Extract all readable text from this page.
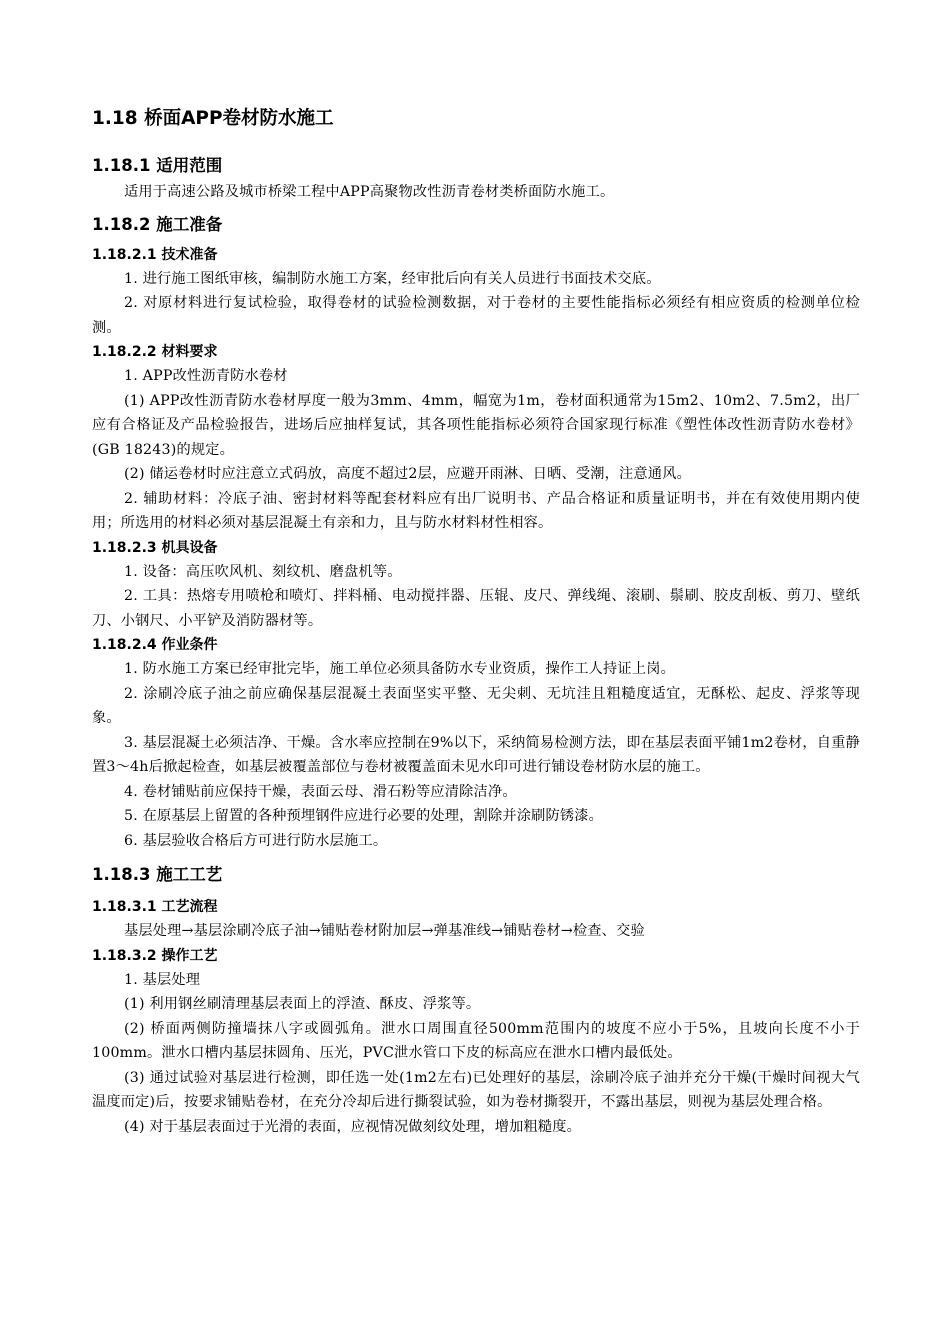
1.18 桥面APP卷材防水施工
1.18.1 适用范围
适用于高速公路及城市桥梁工程中APP高聚物改性沥青卷材类桥面防水施工。
1.18.2 施工准备
1.18.2.1 技术准备
1. 进行施工图纸审核，编制防水施工方案，经审批后向有关人员进行书面技术交底。
2. 对原材料进行复试检验，取得卷材的试验检测数据，对于卷材的主要性能指标必须经有相应资质的检测单位检测。
1.18.2.2 材料要求
1. APP改性沥青防水卷材
(1) APP改性沥青防水卷材厚度一般为3mm、4mm，幅宽为1m，卷材面积通常为15m2、10m2、7.5m2，出厂应有合格证及产品检验报告，进场后应抽样复试，其各项性能指标必须符合国家现行标准《塑性体改性沥青防水卷材》(GB 18243)的规定。
(2) 储运卷材时应注意立式码放，高度不超过2层，应避开雨淋、日晒、受潮，注意通风。
2. 辅助材料：冷底子油、密封材料等配套材料应有出厂说明书、产品合格证和质量证明书，并在有效使用期内使用；所选用的材料必须对基层混凝土有亲和力，且与防水材料材性相容。
1.18.2.3 机具设备
1. 设备：高压吹风机、刻纹机、磨盘机等。
2. 工具：热熔专用喷枪和喷灯、拌料桶、电动搅拌器、压辊、皮尺、弹线绳、滚刷、鬃刷、胶皮刮板、剪刀、壁纸刀、小钢尺、小平铲及消防器材等。
1.18.2.4 作业条件
1. 防水施工方案已经审批完毕，施工单位必须具备防水专业资质，操作工人持证上岗。
2. 涂刷冷底子油之前应确保基层混凝土表面坚实平整、无尖刺、无坑洼且粗糙度适宜，无酥松、起皮、浮浆等现象。
3. 基层混凝土必须洁净、干燥。含水率应控制在9%以下，采纳简易检测方法，即在基层表面平铺1m2卷材，自重静置3～4h后掀起检查，如基层被覆盖部位与卷材被覆盖面未见水印可进行铺设卷材防水层的施工。
4. 卷材铺贴前应保持干燥，表面云母、滑石粉等应清除洁净。
5. 在原基层上留置的各种预埋钢件应进行必要的处理，割除并涂刷防锈漆。
6. 基层验收合格后方可进行防水层施工。
1.18.3 施工工艺
1.18.3.1 工艺流程
基层处理→基层涂刷冷底子油→铺贴卷材附加层→弹基准线→铺贴卷材→检查、交验
1.18.3.2 操作工艺
1. 基层处理
(1) 利用钢丝刷清理基层表面上的浮渣、酥皮、浮浆等。
(2) 桥面两侧防撞墙抹八字或圆弧角。泄水口周围直径500mm范围内的坡度不应小于5%，且坡向长度不小于100mm。泄水口槽内基层抹圆角、压光，PVC泄水管口下皮的标高应在泄水口槽内最低处。
(3) 通过试验对基层进行检测，即任选一处(1m2左右)已处理好的基层，涂刷冷底子油并充分干燥(干燥时间视大气温度而定)后，按要求铺贴卷材，在充分冷却后进行撕裂试验，如为卷材撕裂开，不露出基层，则视为基层处理合格。
(4) 对于基层表面过于光滑的表面，应视情况做刻纹处理，增加粗糙度。
